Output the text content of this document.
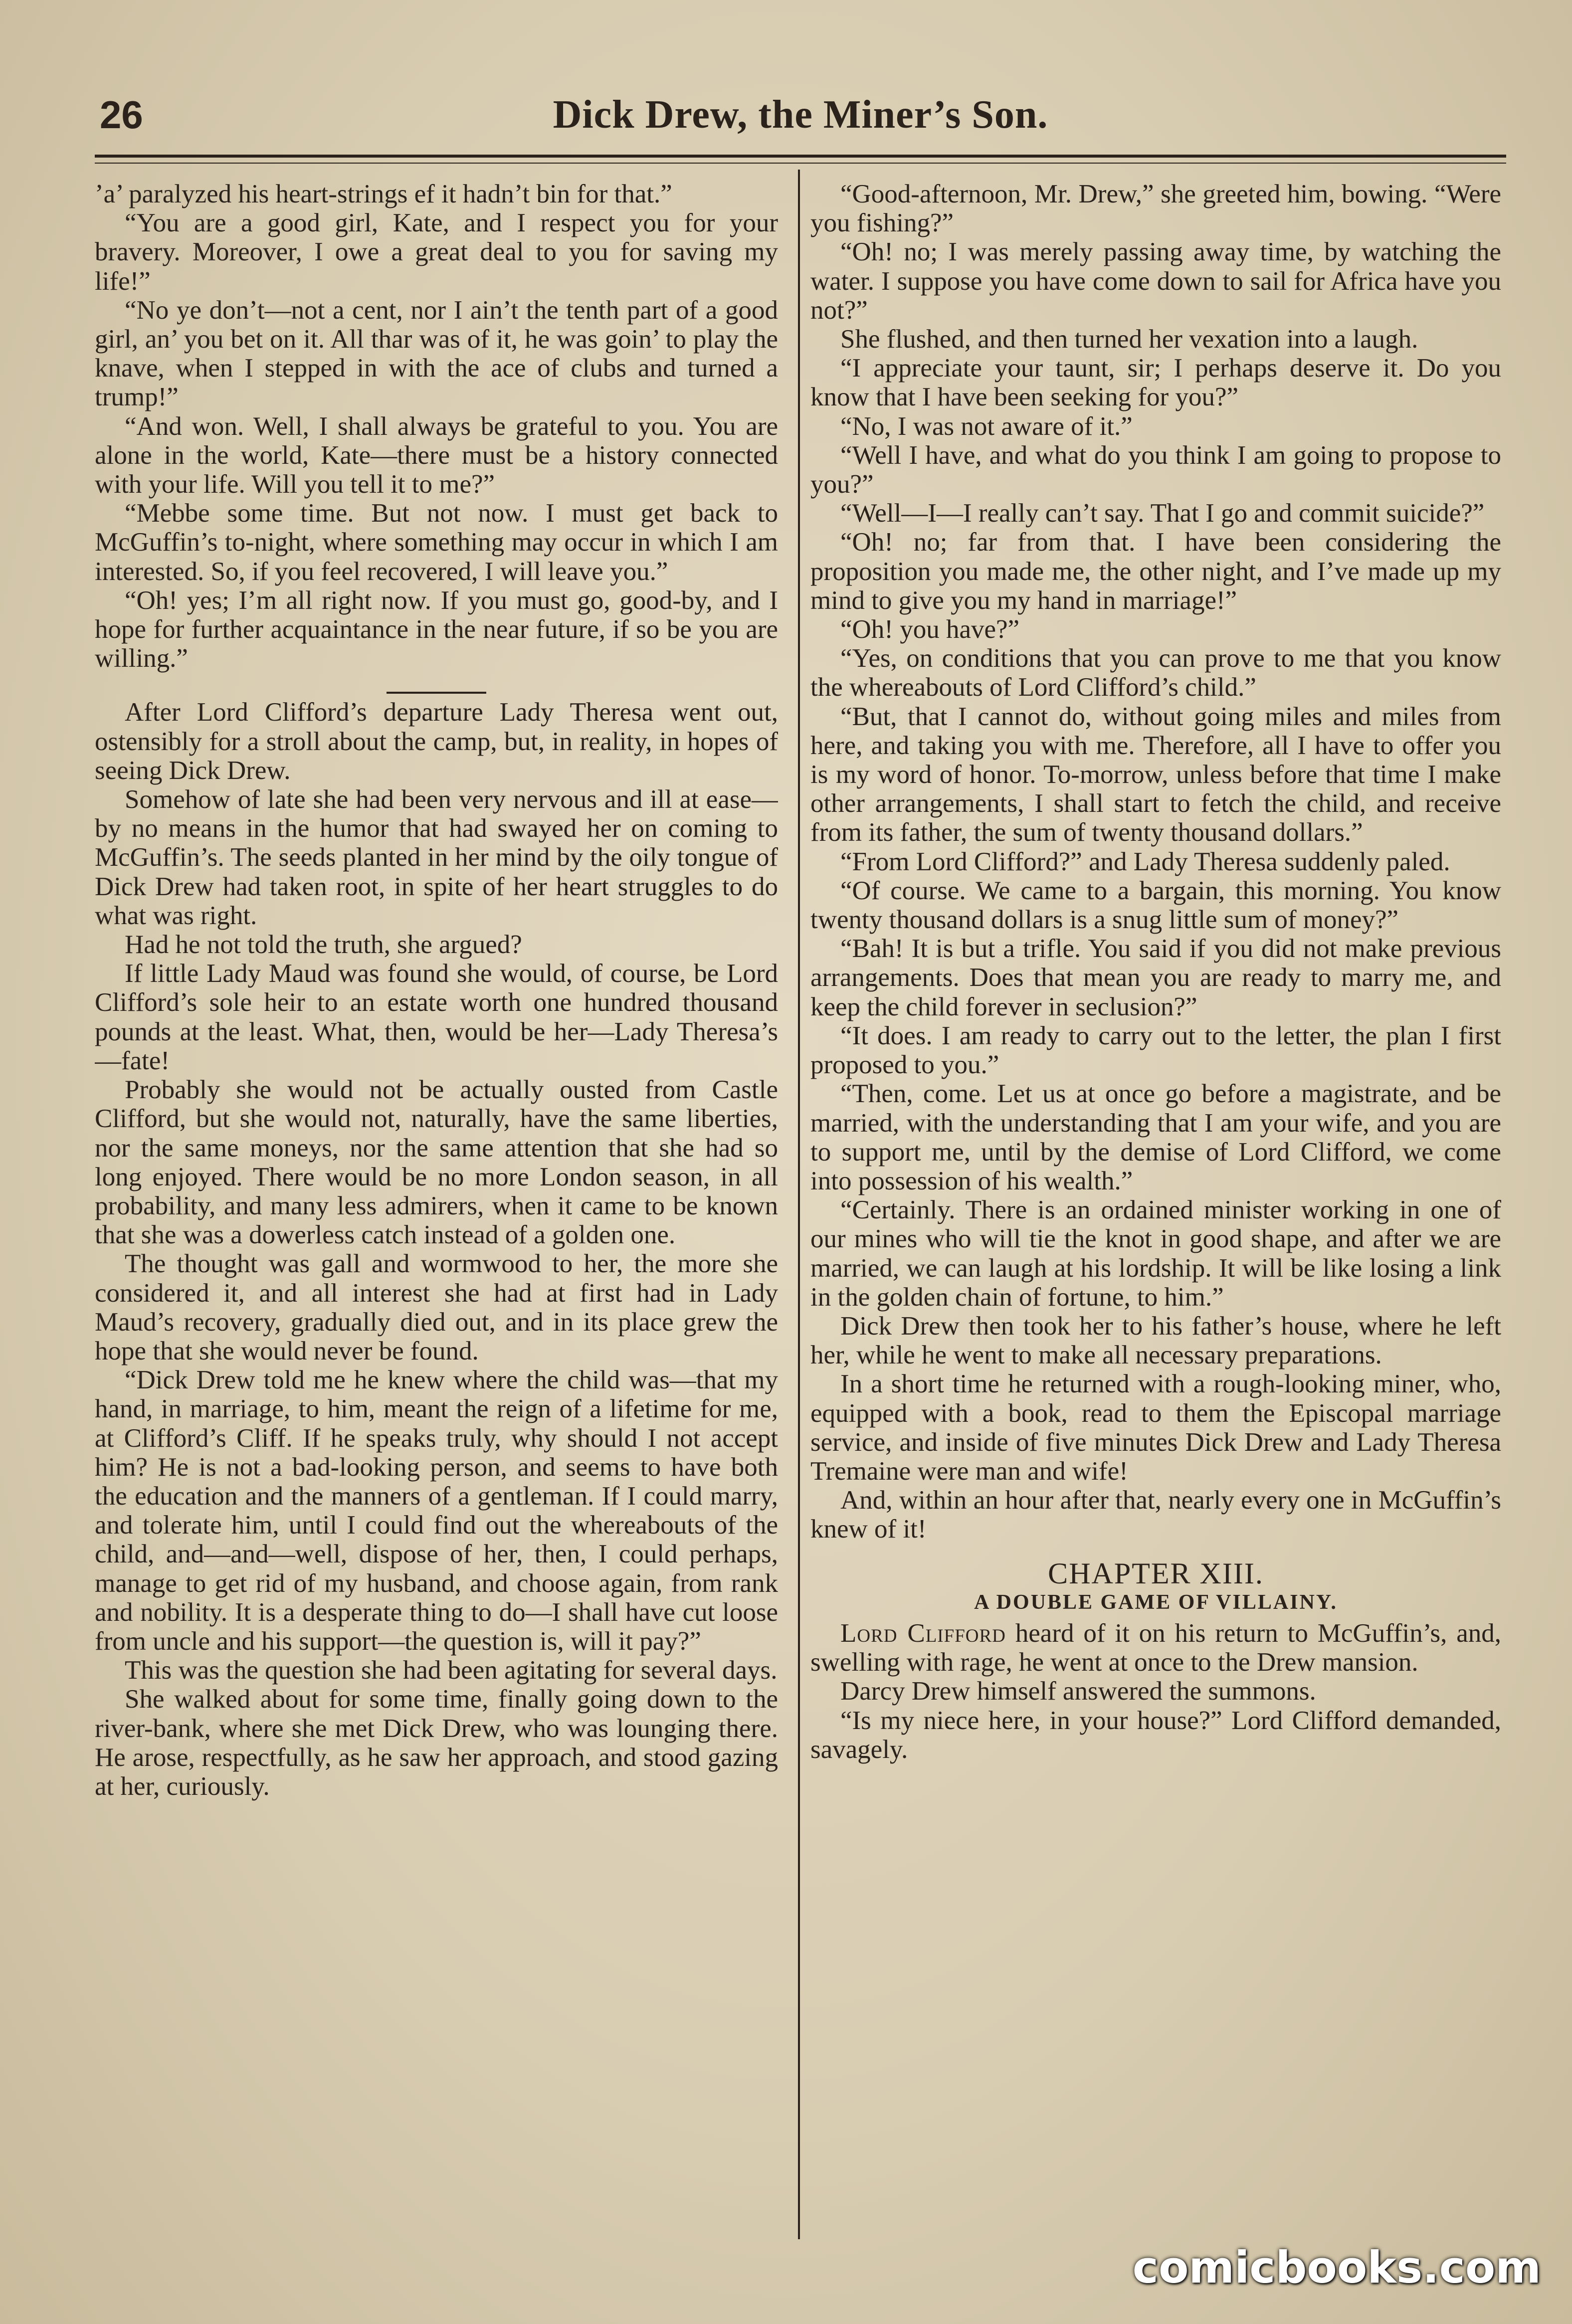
26	Dick Drew, the Miner’s Son.

’a’ paralyzed his heart-strings ef it hadn’t bin for that.”

“You are a good girl, Kate, and I respect you for your bravery. Moreover, I owe a great deal to you for saving my life!”

“No ye don’t—not a cent, nor I ain’t the tenth part of a good girl, an’ you bet on it. All thar was of it, he was goin’ to play the knave, when I stepped in with the ace of clubs and turned a trump!”

“And won. Well, I shall always be grateful to you. You are alone in the world, Kate—there must be a history connected with your life. Will you tell it to me?”

“Mebbe some time. But not now. I must get back to McGuffin’s to-night, where something may occur in which I am interested. So, if you feel recovered, I will leave you.”

“Oh! yes; I’m all right now. If you must go, good-by, and I hope for further acquaintance in the near future, if so be you are willing.”

After Lord Clifford’s departure Lady Theresa went out, ostensibly for a stroll about the camp, but, in reality, in hopes of seeing Dick Drew.

Somehow of late she had been very nervous and ill at ease—by no means in the humor that had swayed her on coming to McGuffin’s. The seeds planted in her mind by the oily tongue of Dick Drew had taken root, in spite of her heart struggles to do what was right.

Had he not told the truth, she argued?

If little Lady Maud was found she would, of course, be Lord Clifford’s sole heir to an estate worth one hundred thousand pounds at the least. What, then, would be her—Lady Theresa’s—fate!

Probably she would not be actually ousted from Castle Clifford, but she would not, naturally, have the same liberties, nor the same moneys, nor the same attention that she had so long enjoyed. There would be no more London season, in all probability, and many less admirers, when it came to be known that she was a dowerless catch instead of a golden one.

The thought was gall and wormwood to her, the more she considered it, and all interest she had at first had in Lady Maud’s recovery, gradually died out, and in its place grew the hope that she would never be found.

“Dick Drew told me he knew where the child was—that my hand, in marriage, to him, meant the reign of a lifetime for me, at Clifford’s Cliff. If he speaks truly, why should I not accept him? He is not a bad-looking person, and seems to have both the education and the manners of a gentleman. If I could marry, and tolerate him, until I could find out the whereabouts of the child, and—and—well, dispose of her, then, I could perhaps, manage to get rid of my husband, and choose again, from rank and nobility. It is a desperate thing to do—I shall have cut loose from uncle and his support—the question is, will it pay?”

This was the question she had been agitating for several days.

She walked about for some time, finally going down to the river-bank, where she met Dick Drew, who was lounging there. He arose, respectfully, as he saw her approach, and stood gazing at her, curiously.

“Good-afternoon, Mr. Drew,” she greeted him, bowing. “Were you fishing?”

“Oh! no; I was merely passing away time, by watching the water. I suppose you have come down to sail for Africa have you not?”

She flushed, and then turned her vexation into a laugh.

“I appreciate your taunt, sir; I perhaps deserve it. Do you know that I have been seeking for you?”

“No, I was not aware of it.”

“Well I have, and what do you think I am going to propose to you?”

“Well—I—I really can’t say. That I go and commit suicide?”

“Oh! no; far from that. I have been considering the proposition you made me, the other night, and I’ve made up my mind to give you my hand in marriage!”

“Oh! you have?”

“Yes, on conditions that you can prove to me that you know the whereabouts of Lord Clifford’s child.”

“But, that I cannot do, without going miles and miles from here, and taking you with me. Therefore, all I have to offer you is my word of honor. To-morrow, unless before that time I make other arrangements, I shall start to fetch the child, and receive from its father, the sum of twenty thousand dollars.”

“From Lord Clifford?” and Lady Theresa suddenly paled.

“Of course. We came to a bargain, this morning. You know twenty thousand dollars is a snug little sum of money?”

“Bah! It is but a trifle. You said if you did not make previous arrangements. Does that mean you are ready to marry me, and keep the child forever in seclusion?”

“It does. I am ready to carry out to the letter, the plan I first proposed to you.”

“Then, come. Let us at once go before a magistrate, and be married, with the understanding that I am your wife, and you are to support me, until by the demise of Lord Clifford, we come into possession of his wealth.”

“Certainly. There is an ordained minister working in one of our mines who will tie the knot in good shape, and after we are married, we can laugh at his lordship. It will be like losing a link in the golden chain of fortune, to him.”

Dick Drew then took her to his father’s house, where he left her, while he went to make all necessary preparations.

In a short time he returned with a rough-looking miner, who, equipped with a book, read to them the Episcopal marriage service, and inside of five minutes Dick Drew and Lady Theresa Tremaine were man and wife!

And, within an hour after that, nearly every one in McGuffin’s knew of it!

CHAPTER XIII.
A DOUBLE GAME OF VILLAINY.

Lord Clifford heard of it on his return to McGuffin’s, and, swelling with rage, he went at once to the Drew mansion.

Darcy Drew himself answered the summons.

“Is my niece here, in your house?” Lord Clifford demanded, savagely.

comicbooks.com
